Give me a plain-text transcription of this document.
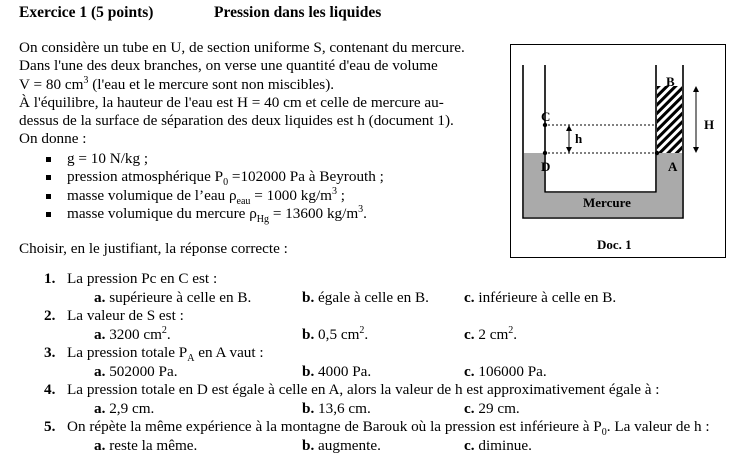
Exercice 1 (5 points)	Pression dans les liquides
On considère un tube en U, de section uniforme S, contenant du mercure.
Dans l'une des deux branches, on verse une quantité d'eau de volume
V = 80 $cm^3$ (l'eau et le mercure sont non miscibles).
À l'équilibre, la hauteur de l'eau est H = 40 cm et celle de mercure au-
dessus de la surface de séparation des deux liquides est h (document 1).
On donne :
g = 10 N/kg ;
pression atmosphérique $P_0 =102000$ Pa à Beyrouth ;
masse volumique de l’eau $\rho_{eau} = 1000$ $kg/m^3$ ;
masse volumique du mercure $\rho_{Hg} = 13600$ $kg/m^3$.
Choisir, en le justifiant, la réponse correcte :
1. La pression Pc en C est :
a. supérieure à celle en B.	b. égale à celle en B. c. inférieure à celle en B.
2. La valeur de S est :
a. 3200 $cm^2$.	b. 0,5 $cm^2$.	c. 2 $cm^2$.
3. La pression totale $P_A$ en A vaut :
a. 502000 Pa.	b. 4000 Pa.	c. 106000 Pa.
4. La pression totale en D est égale à celle en A, alors la valeur de h est approximativement égale à :
a. 2,9 cm.	b. 13,6 cm.	c. 29 cm.
5. On répète la même expérience à la montagne de Barouk où la pression est inférieure à $P_0$. La valeur de h :
a. reste la même.	b. augmente.	c. diminue.
B
C
D	A
h
H
Mercure
Doc. 1
